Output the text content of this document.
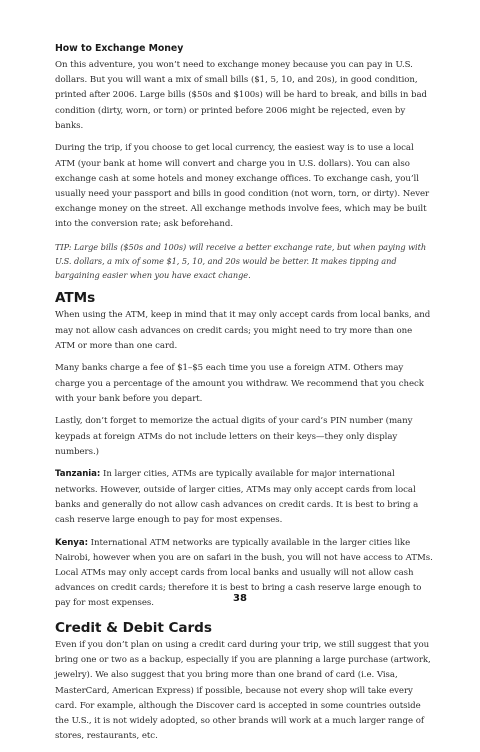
How to Exchange Money

On this adventure, you won’t need to exchange money because you can pay in U.S. dollars. But you will want a mix of small bills ($1, 5, 10, and 20s), in good condition, printed after 2006. Large bills ($50s and $100s) will be hard to break, and bills in bad condition (dirty, worn, or torn) or printed before 2006 might be rejected, even by banks.

During the trip, if you choose to get local currency, the easiest way is to use a local ATM (your bank at home will convert and charge you in U.S. dollars). You can also exchange cash at some hotels and money exchange offices. To exchange cash, you’ll usually need your passport and bills in good condition (not worn, torn, or dirty). Never exchange money on the street. All exchange methods involve fees, which may be built into the conversion rate; ask beforehand.

TIP: Large bills ($50s and 100s) will receive a better exchange rate, but when paying with U.S. dollars, a mix of some $1, 5, 10, and 20s would be better. It makes tipping and bargaining easier when you have exact change.

ATMs

When using the ATM, keep in mind that it may only accept cards from local banks, and may not allow cash advances on credit cards; you might need to try more than one ATM or more than one card.

Many banks charge a fee of $1–$5 each time you use a foreign ATM. Others may charge you a percentage of the amount you withdraw. We recommend that you check with your bank before you depart.

Lastly, don’t forget to memorize the actual digits of your card’s PIN number (many keypads at foreign ATMs do not include letters on their keys—they only display numbers.)

Tanzania: In larger cities, ATMs are typically available for major international networks. However, outside of larger cities, ATMs may only accept cards from local banks and generally do not allow cash advances on credit cards. It is best to bring a cash reserve large enough to pay for most expenses.

Kenya: International ATM networks are typically available in the larger cities like Nairobi, however when you are on safari in the bush, you will not have access to ATMs. Local ATMs may only accept cards from local banks and usually will not allow cash advances on credit cards; therefore it is best to bring a cash reserve large enough to pay for most expenses.

Credit & Debit Cards

Even if you don’t plan on using a credit card during your trip, we still suggest that you bring one or two as a backup, especially if you are planning a large purchase (artwork, jewelry). We also suggest that you bring more than one brand of card (i.e. Visa, MasterCard, American Express) if possible, because not every shop will take every card. For example, although the Discover card is accepted in some countries outside the U.S., it is not widely adopted, so other brands will work at a much larger range of stores, restaurants, etc.

38
